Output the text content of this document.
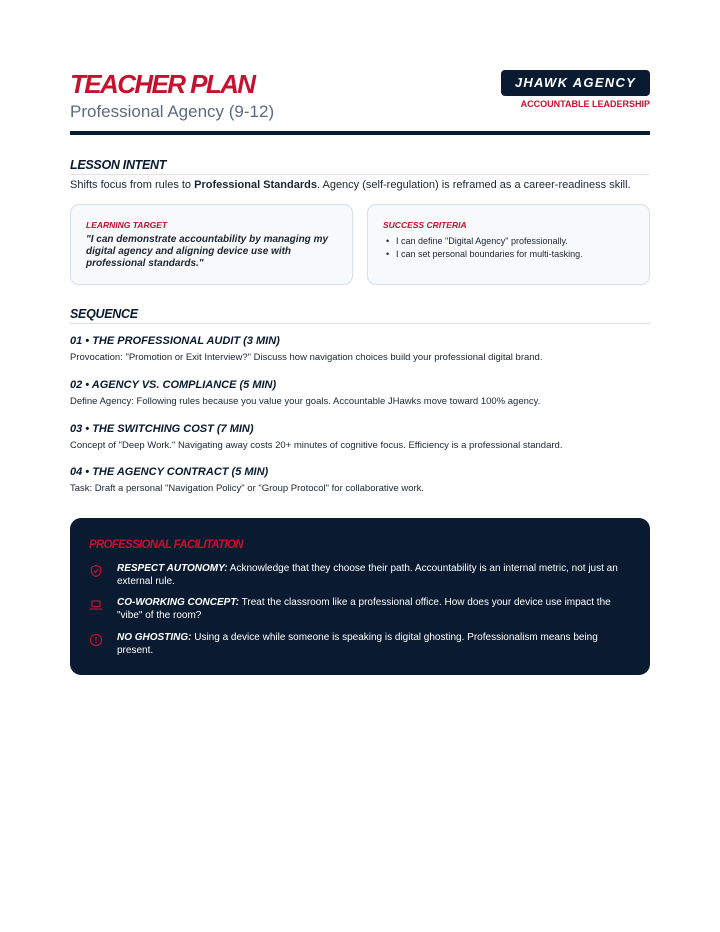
TEACHER PLAN
Professional Agency (9-12)
JHAWK AGENCY
ACCOUNTABLE LEADERSHIP
LESSON INTENT
Shifts focus from rules to Professional Standards. Agency (self-regulation) is reframed as a career-readiness skill.
LEARNING TARGET
"I can demonstrate accountability by managing my digital agency and aligning device use with professional standards."
SUCCESS CRITERIA
• I can define "Digital Agency" professionally.
• I can set personal boundaries for multi-tasking.
SEQUENCE
01 • THE PROFESSIONAL AUDIT (3 MIN)
Provocation: "Promotion or Exit Interview?" Discuss how navigation choices build your professional digital brand.
02 • AGENCY VS. COMPLIANCE (5 MIN)
Define Agency: Following rules because you value your goals. Accountable JHawks move toward 100% agency.
03 • THE SWITCHING COST (7 MIN)
Concept of "Deep Work." Navigating away costs 20+ minutes of cognitive focus. Efficiency is a professional standard.
04 • THE AGENCY CONTRACT (5 MIN)
Task: Draft a personal "Navigation Policy" or "Group Protocol" for collaborative work.
PROFESSIONAL FACILITATION
RESPECT AUTONOMY: Acknowledge that they choose their path. Accountability is an internal metric, not just an external rule.
CO-WORKING CONCEPT: Treat the classroom like a professional office. How does your device use impact the "vibe" of the room?
NO GHOSTING: Using a device while someone is speaking is digital ghosting. Professionalism means being present.
